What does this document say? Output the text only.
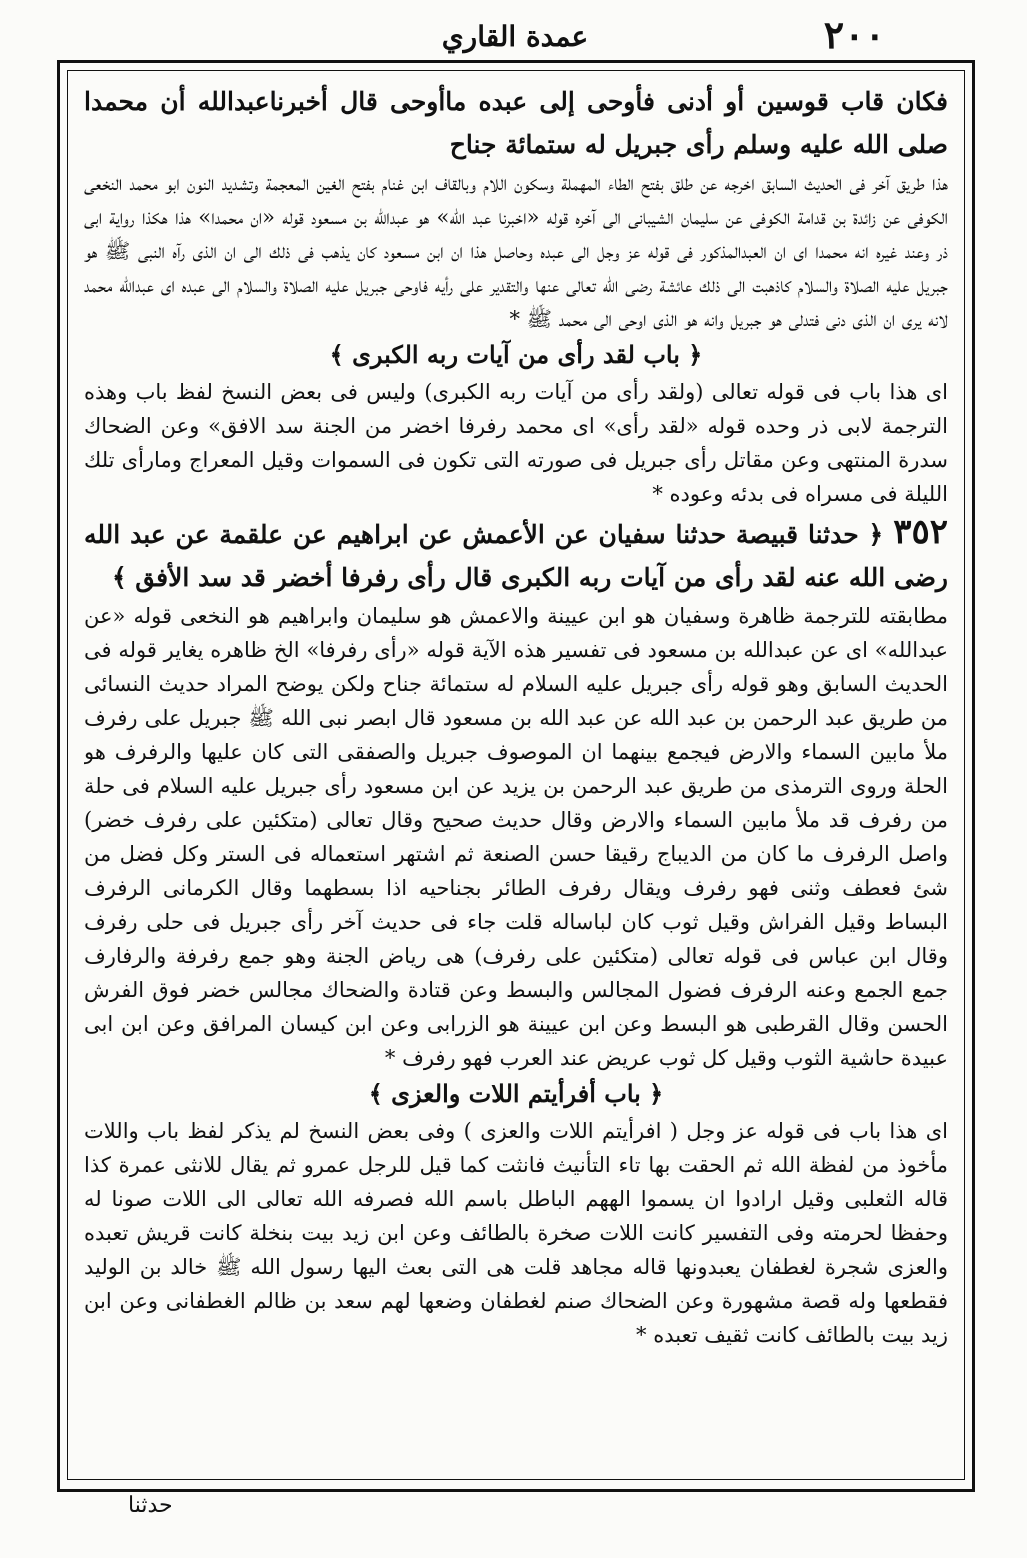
عمدة القاري	٢٠٠

فكان قاب قوسين أو أدنى فأوحى إلى عبده ماأوحى قال أخبرناعبدالله أن محمدا صلى الله عليه وسلم رأى جبريل له ستمائة جناح

هذا طريق آخر فى الحديث السابق اخرجه عن طلق بفتح الطاء المهملة وسكون اللام وبالقاف ابن غنام بفتح الغين المعجمة وتشديد النون ابو محمد النخعى الكوفى عن زائدة بن قدامة الكوفى عن سليمان الشيبانى الى آخره قوله «اخبرنا عبد الله» هو عبدالله بن مسعود قوله «ان محمدا» هذا هكذا رواية ابى ذر وعند غيره انه محمدا اى ان العبدالمذكور فى قوله عز وجل الى عبده وحاصل هذا ان ابن مسعود كان يذهب فى ذلك الى ان الذى رآه النبى ﷺ هو جبريل عليه الصلاة والسلام كاذهبت الى ذلك عائشة رضى الله تعالى عنها والتقدير على رأيه فاوحى جبريل عليه الصلاة والسلام الى عبده اى عبدالله محمد لانه يرى ان الذى دنى فتدلى هو جبريل وانه هو الذى اوحى الى محمد ﷺ *

﴿ باب لقد رأى من آيات ربه الكبرى ﴾

اى هذا باب فى قوله تعالى (ولقد رأى من آيات ربه الكبرى) وليس فى بعض النسخ لفظ باب وهذه الترجمة لابى ذر وحده قوله «لقد رأى» اى محمد رفرفا اخضر من الجنة سد الافق» وعن الضحاك سدرة المنتهى وعن مقاتل رأى جبريل فى صورته التى تكون فى السموات وقيل المعراج ومارأى تلك الليلة فى مسراه فى بدئه وعوده *

٣٥٢﴿ حدثنا قبيصة حدثنا سفيان عن الأعمش عن ابراهيم عن علقمة عن عبد الله رضى الله عنه لقد رأى من آيات ربه الكبرى قال رأى رفرفا أخضر قد سد الأفق ﴾

مطابقته للترجمة ظاهرة وسفيان هو ابن عيينة والاعمش هو سليمان وابراهيم هو النخعى قوله «عن عبدالله» اى عن عبدالله بن مسعود فى تفسير هذه الآية قوله «رأى رفرفا» الخ ظاهره يغاير قوله فى الحديث السابق وهو قوله رأى جبريل عليه السلام له ستمائة جناح ولكن يوضح المراد حديث النسائى من طريق عبد الرحمن بن عبد الله عن عبد الله بن مسعود قال ابصر نبى الله ﷺ جبريل على رفرف ملأ مابين السماء والارض فيجمع بينهما ان الموصوف جبريل والصفقى التى كان عليها والرفرف هو الحلة وروى الترمذى من طريق عبد الرحمن بن يزيد عن ابن مسعود رأى جبريل عليه السلام فى حلة من رفرف قد ملأ مابين السماء والارض وقال حديث صحيح وقال تعالى (متكئين على رفرف خضر) واصل الرفرف ما كان من الديباج رقيقا حسن الصنعة ثم اشتهر استعماله فى الستر وكل فضل من شئ فعطف وثنى فهو رفرف ويقال رفرف الطائر بجناحيه اذا بسطهما وقال الكرمانى الرفرف البساط وقيل الفراش وقيل ثوب كان لباساله قلت جاء فى حديث آخر رأى جبريل فى حلى رفرف وقال ابن عباس فى قوله تعالى (متكئين على رفرف) هى رياض الجنة وهو جمع رفرفة والرفارف جمع الجمع وعنه الرفرف فضول المجالس والبسط وعن قتادة والضحاك مجالس خضر فوق الفرش الحسن وقال القرطبى هو البسط وعن ابن عيينة هو الزرابى وعن ابن كيسان المرافق وعن ابن ابى عبيدة حاشية الثوب وقيل كل ثوب عريض عند العرب فهو رفرف *

﴿ باب أفرأيتم اللات والعزى ﴾

اى هذا باب فى قوله عز وجل ( افرأيتم اللات والعزى ) وفى بعض النسخ لم يذكر لفظ باب واللات مأخوذ من لفظة الله ثم الحقت بها تاء التأنيث فانثت كما قيل للرجل عمرو ثم يقال للانثى عمرة كذا قاله الثعلبى وقيل ارادوا ان يسموا الههم الباطل باسم الله فصرفه الله تعالى الى اللات صونا له وحفظا لحرمته وفى التفسير كانت اللات صخرة بالطائف وعن ابن زيد بيت بنخلة كانت قريش تعبده والعزى شجرة لغطفان يعبدونها قاله مجاهد قلت هى التى بعث اليها رسول الله ﷺ خالد بن الوليد فقطعها وله قصة مشهورة وعن الضحاك صنم لغطفان وضعها لهم سعد بن ظالم الغطفانى وعن ابن زيد بيت بالطائف كانت ثقيف تعبده *

حدثنا
